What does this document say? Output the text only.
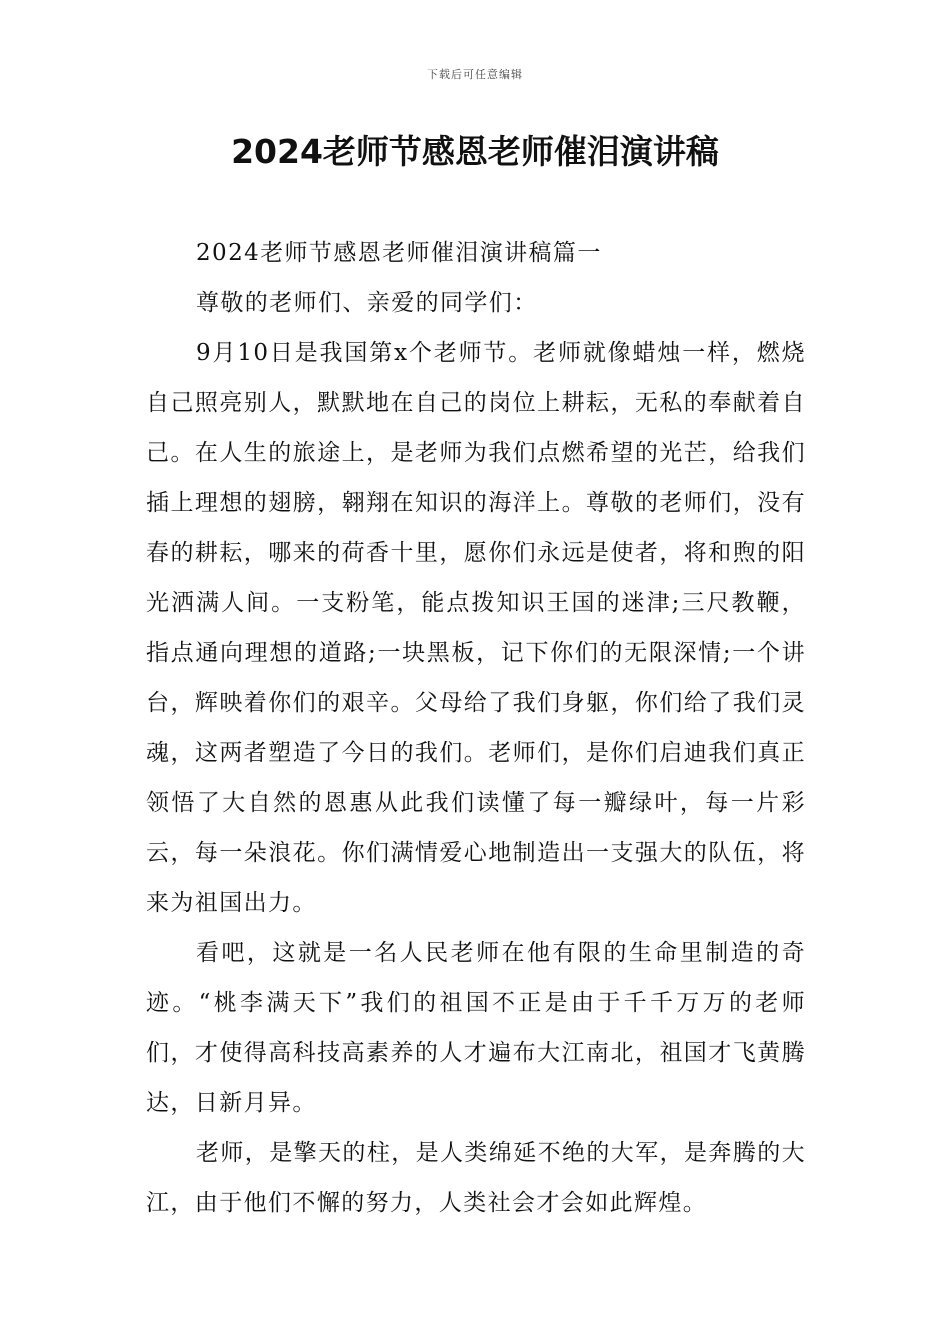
下载后可任意编辑
2024老师节感恩老师催泪演讲稿

2024老师节感恩老师催泪演讲稿篇一

尊敬的老师们、亲爱的同学们：

9月10日是我国第x个老师节。老师就像蜡烛一样，燃烧自己照亮别人，默默地在自己的岗位上耕耘，无私的奉献着自己。在人生的旅途上，是老师为我们点燃希望的光芒，给我们插上理想的翅膀，翱翔在知识的海洋上。尊敬的老师们，没有春的耕耘，哪来的荷香十里，愿你们永远是使者，将和煦的阳光洒满人间。一支粉笔，能点拨知识王国的迷津;三尺教鞭，指点通向理想的道路;一块黑板，记下你们的无限深情;一个讲台，辉映着你们的艰辛。父母给了我们身躯，你们给了我们灵魂，这两者塑造了今日的我们。老师们，是你们启迪我们真正领悟了大自然的恩惠从此我们读懂了每一瓣绿叶，每一片彩云，每一朵浪花。你们满情爱心地制造出一支强大的队伍，将来为祖国出力。

看吧，这就是一名人民老师在他有限的生命里制造的奇迹。“桃李满天下”我们的祖国不正是由于千千万万的老师们，才使得高科技高素养的人才遍布大江南北，祖国才飞黄腾达，日新月异。

老师，是擎天的柱，是人类绵延不绝的大军，是奔腾的大江，由于他们不懈的努力，人类社会才会如此辉煌。
